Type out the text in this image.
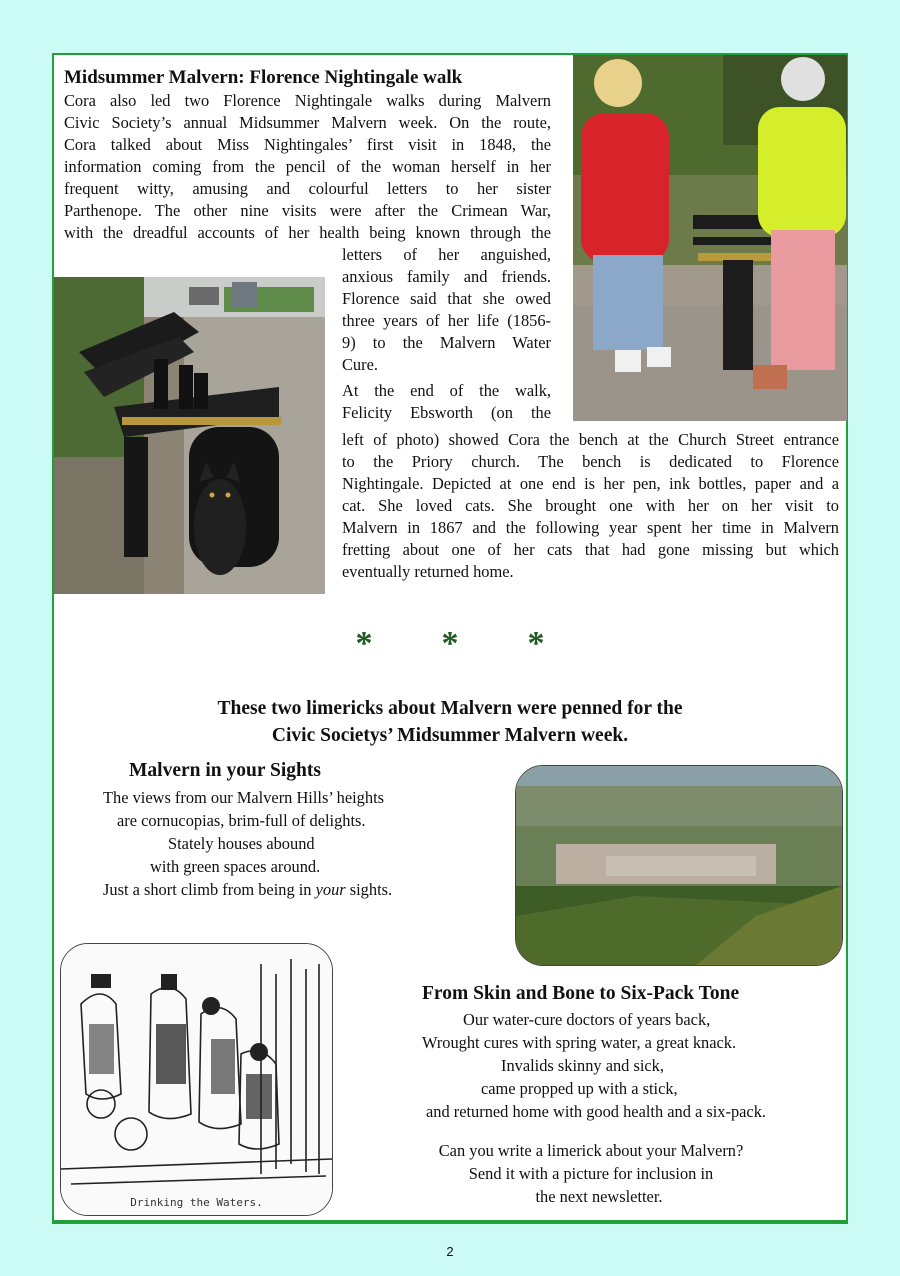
Midsummer Malvern: Florence Nightingale walk

Cora also led two Florence Nightingale walks during Malvern

Civic Society’s annual Midsummer Malvern week. On the route,

Cora talked about Miss Nightingales’ first visit in 1848, the

information coming from the pencil of the woman herself in her

frequent witty, amusing and colourful letters to her sister

Parthenope. The other nine visits were after the Crimean War,

with the dreadful accounts of her health being known through the

letters of her anguished,

anxious family and friends.

Florence said that she owed

three years of her life (1856-

9) to the Malvern Water

Cure.

At the end of the walk,

Felicity Ebsworth (on the

left of photo) showed Cora the bench at the Church Street entrance

to the Priory church. The bench is dedicated to Florence

Nightingale. Depicted at one end is her pen, ink bottles, paper and a

cat. She loved cats. She brought one with her on her visit to

Malvern in 1867 and the following year spent her time in Malvern

fretting about one of her cats that had gone missing but which

eventually returned home.

* * *
These two limericks about Malvern were penned for the
Civic Societys’ Midsummer Malvern week.
Malvern in your Sights
The views from our Malvern Hills’ heights
are cornucopias, brim-full of delights.
Stately houses abound
with green spaces around.
Just a short climb from being in your sights.
Drinking the Waters.
From Skin and Bone to Six-Pack Tone
Our water-cure doctors of years back,
Wrought cures with spring water, a great knack.
Invalids skinny and sick,
came propped up with a stick,
and returned home with good health and a six-pack.
Can you write a limerick about your Malvern?
Send it with a picture for inclusion in
the next newsletter.
2
